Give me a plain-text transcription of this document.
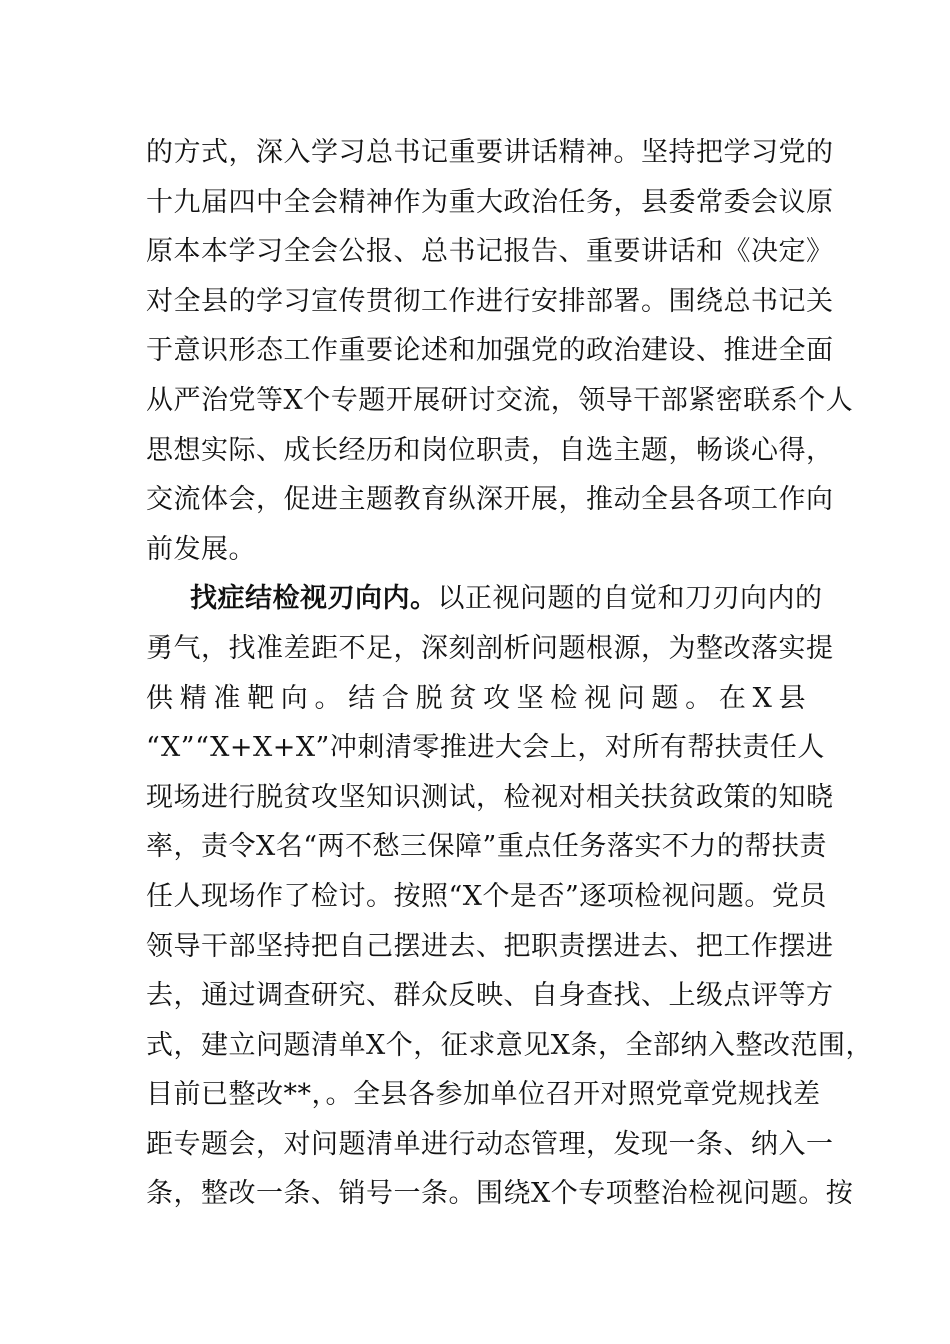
的方式，深入学习总书记重要讲话精神。坚持把学习党的
十九届四中全会精神作为重大政治任务，县委常委会议原
原本本学习全会公报、总书记报告、重要讲话和《决定》
对全县的学习宣传贯彻工作进行安排部署。围绕总书记关
于意识形态工作重要论述和加强党的政治建设、推进全面
从严治党等X个专题开展研讨交流，领导干部紧密联系个人
思想实际、成长经历和岗位职责，自选主题，畅谈心得，
交流体会，促进主题教育纵深开展，推动全县各项工作向
前发展。
找症结检视刃向内。以正视问题的自觉和刀刃向内的
勇气，找准差距不足，深刻剖析问题根源，为整改落实提
供精准靶向。结合脱贫攻坚检视问题。在X县
“X”“X+X+X”冲刺清零推进大会上，对所有帮扶责任人
现场进行脱贫攻坚知识测试，检视对相关扶贫政策的知晓
率，责令X名“两不愁三保障”重点任务落实不力的帮扶责
任人现场作了检讨。按照“X个是否”逐项检视问题。党员
领导干部坚持把自己摆进去、把职责摆进去、把工作摆进
去，通过调查研究、群众反映、自身查找、上级点评等方
式，建立问题清单X个，征求意见X条，全部纳入整改范围，
目前已整改**，。全县各参加单位召开对照党章党规找差
距专题会，对问题清单进行动态管理，发现一条、纳入一
条，整改一条、销号一条。围绕X个专项整治检视问题。按
